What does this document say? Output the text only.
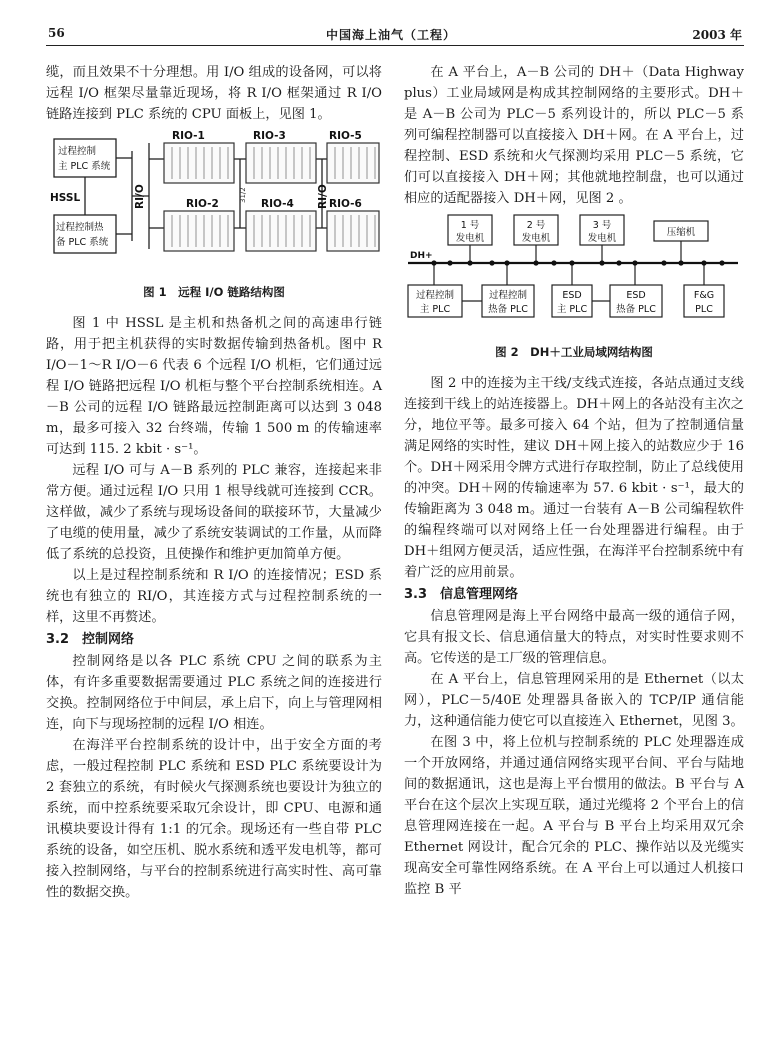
56	中国海上油气（工程）	2003 年

缆，而且效果不十分理想。用 I/O 组成的设备网，可以将远程 I/O 框架尽量靠近现场，将 R I/O 框架通过 R I/O 链路连接到 PLC 系统的 CPU 面板上，见图 1。

过程控制
主 PLC 系统
过程控制热
备 PLC 系统
HSSL	RI/O	RI/O
RIO-1
RIO-2
RIO-3
RIO-4
RIO-5
RIO-6
31/2
图 1　远程 I/O 链路结构图

图 1 中 HSSL 是主机和热备机之间的高速串行链路，用于把主机获得的实时数据传输到热备机。图中 R I/O－1～R I/O－6 代表 6 个远程 I/O 机柜，它们通过远程 I/O 链路把远程 I/O 机柜与整个平台控制系统相连。A－B 公司的远程 I/O 链路最远控制距离可以达到 3 048 m，最多可接入 32 台终端，传输 1 500 m 的传输速率可达到 115. 2 kbit · s⁻¹。

远程 I/O 可与 A－B 系列的 PLC 兼容，连接起来非常方便。通过远程 I/O 只用 1 根导线就可连接到 CCR。这样做，减少了系统与现场设备间的联接环节，大量减少了电缆的使用量，减少了系统安装调试的工作量，从而降低了系统的总投资，且使操作和维护更加简单方便。

以上是过程控制系统和 R I/O 的连接情况；ESD 系统也有独立的 RI/O，其连接方式与过程控制系统的一样，这里不再赘述。

3.2　控制网络

控制网络是以各 PLC 系统 CPU 之间的联系为主体，有许多重要数据需要通过 PLC 系统之间的连接进行交换。控制网络位于中间层，承上启下，向上与管理网相连，向下与现场控制的远程 I/O 相连。

在海洋平台控制系统的设计中，出于安全方面的考虑，一般过程控制 PLC 系统和 ESD PLC 系统要设计为 2 套独立的系统，有时候火气探测系统也要设计为独立的系统，而中控系统要采取冗余设计，即 CPU、电源和通讯模块要设计得有 1:1 的冗余。现场还有一些自带 PLC 系统的设备，如空压机、脱水系统和透平发电机等，都可接入控制网络，与平台的控制系统进行高实时性、高可靠性的数据交换。

在 A 平台上，A－B 公司的 DH＋（Data Highway plus）工业局域网是构成其控制网络的主要形式。DH＋是 A－B 公司为 PLC－5 系列设计的，所以 PLC－5 系列可编程控制器可以直接接入 DH＋网。在 A 平台上，过程控制、ESD 系统和火气探测均采用 PLC－5 系统，它们可以直接接入 DH＋网；其他就地控制盘，也可以通过相应的适配器接入 DH＋网，见图 2 。

1 号
发电机
2 号
发电机
3 号
发电机
压缩机
过程控制
主 PLC
过程控制
热备 PLC
ESD
主 PLC
ESD
热备 PLC
F&G
PLC
DH+
图 2　DH＋工业局域网结构图

图 2 中的连接为主干线/支线式连接，各站点通过支线连接到干线上的站连接器上。DH＋网上的各站没有主次之分，地位平等。最多可接入 64 个站，但为了控制通信量满足网络的实时性，建议 DH＋网上接入的站数应少于 16 个。DH＋网采用令牌方式进行存取控制，防止了总线使用的冲突。DH＋网的传输速率为 57. 6 kbit · s⁻¹，最大的传输距离为 3 048 m。通过一台装有 A－B 公司编程软件的编程终端可以对网络上任一台处理器进行编程。由于 DH＋组网方便灵活，适应性强，在海洋平台控制系统中有着广泛的应用前景。

3.3　信息管理网络

信息管理网是海上平台网络中最高一级的通信子网，它具有报文长、信息通信量大的特点，对实时性要求则不高。它传送的是工厂级的管理信息。

在 A 平台上，信息管理网采用的是 Ethernet（以太网），PLC－5/40E 处理器具备嵌入的 TCP/IP 通信能力，这种通信能力使它可以直接连入 Ethernet，见图 3。

在图 3 中，将上位机与控制系统的 PLC 处理器连成一个开放网络，并通过通信网络实现平台间、平台与陆地间的数据通讯，这也是海上平台惯用的做法。B 平台与 A 平台在这个层次上实现互联，通过光缆将 2 个平台上的信息管理网连接在一起。A 平台与 B 平台上均采用双冗余 Ethernet 网设计，配合冗余的 PLC、操作站以及光缆实现高安全可靠性网络系统。在 A 平台上可以通过人机接口监控 B 平
